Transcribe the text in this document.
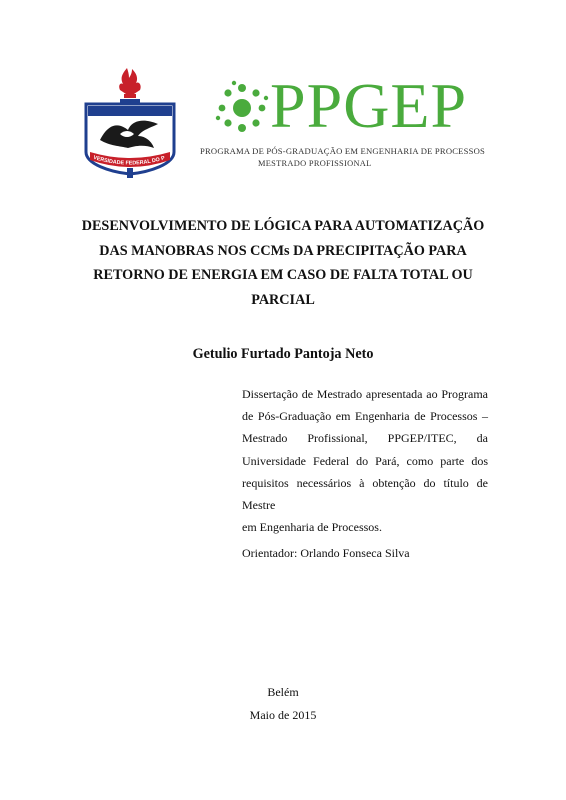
VERSIDADE FEDERAL DO P
PPGEP
PROGRAMA DE PÓS-GRADUAÇÃO EM ENGENHARIA DE PROCESSOS
MESTRADO PROFISSIONAL
DESENVOLVIMENTO DE LÓGICA PARA AUTOMATIZAÇÃO
DAS MANOBRAS NOS CCMs DA PRECIPITAÇÃO PARA
RETORNO DE ENERGIA EM CASO DE FALTA TOTAL OU
PARCIAL

Getulio Furtado Pantoja Neto

Dissertação de Mestrado apresentada ao Programa
de Pós-Graduação em Engenharia de Processos –
Mestrado Profissional, PPGEP/ITEC, da
Universidade Federal do Pará, como parte dos
requisitos necessários à obtenção do título de Mestre
em Engenharia de Processos.

Orientador: Orlando Fonseca Silva

Belém

Maio de 2015
